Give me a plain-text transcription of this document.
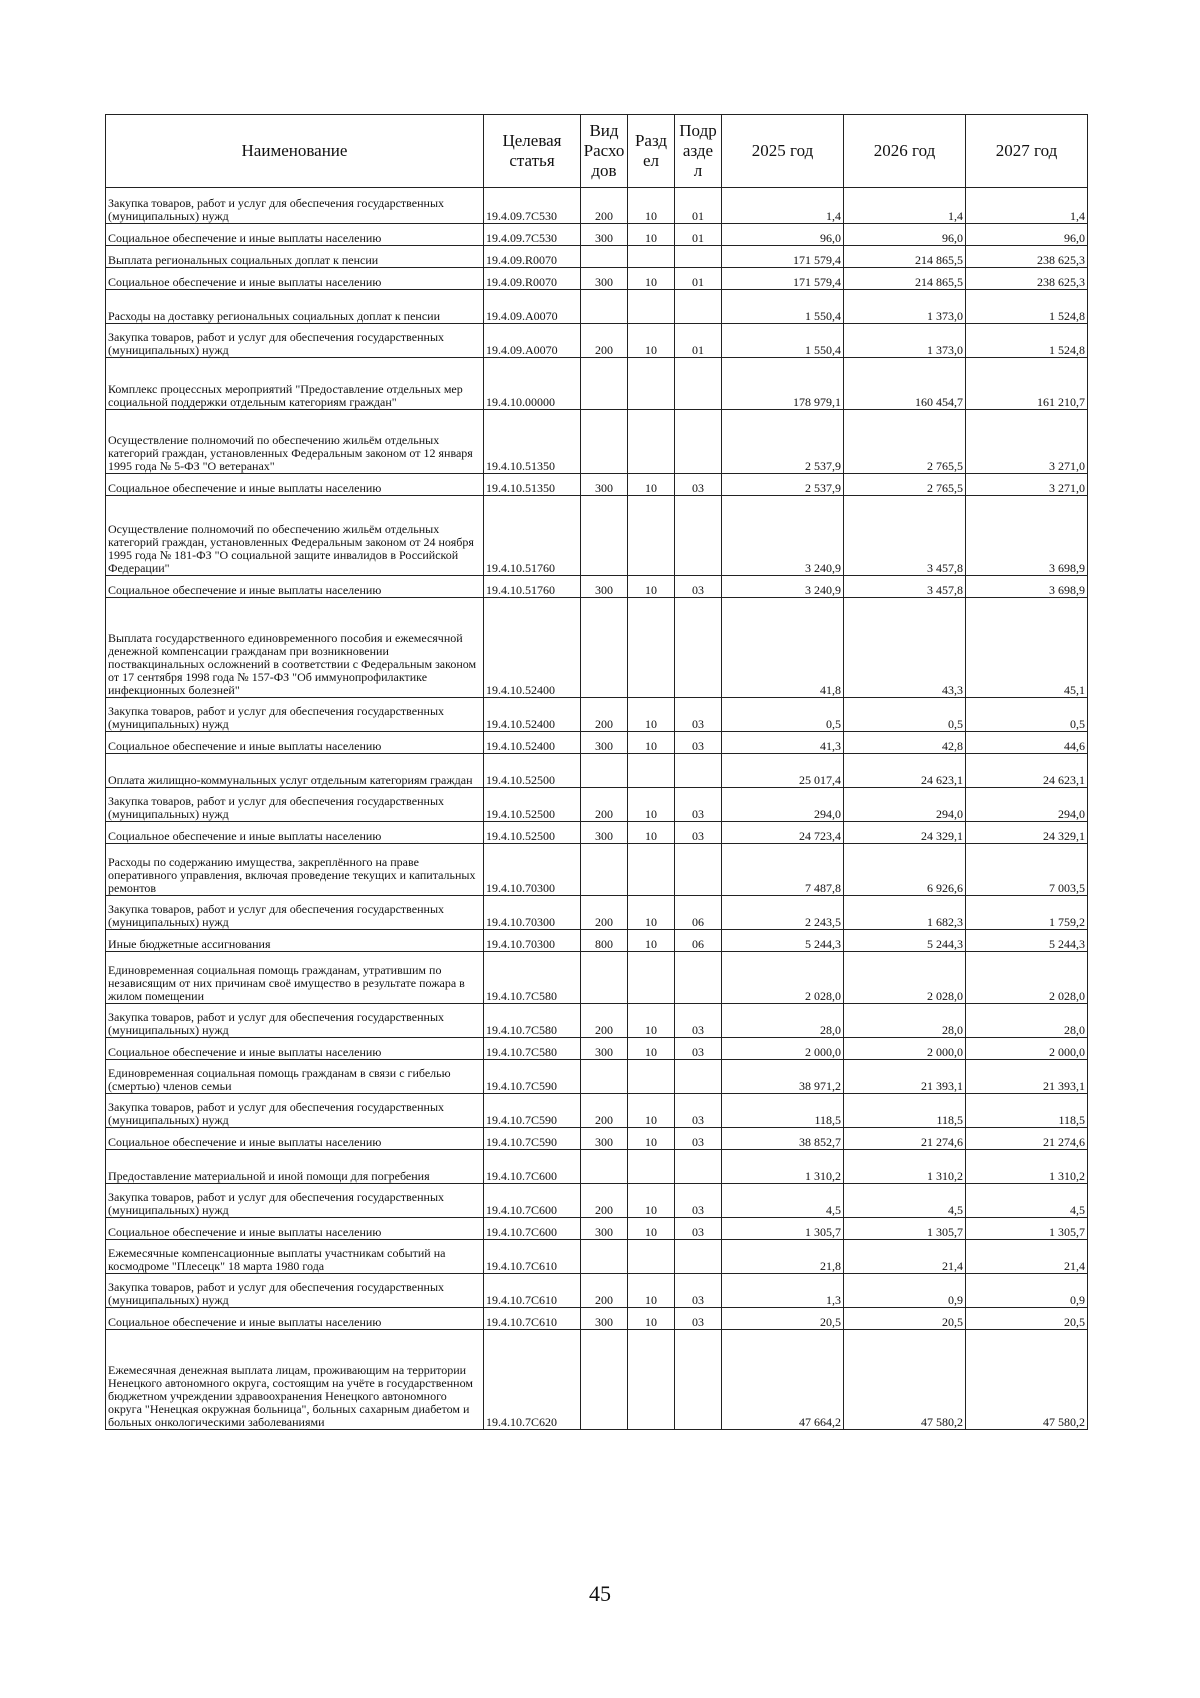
Наименование	Целевая статья	Вид Расхо дов	Разд ел	Подр азде л	2025 год	2026 год	2027 год
Закупка товаров, работ и услуг для обеспечения государственных (муниципальных) нужд	19.4.09.7С530	200	10	01	1,4	1,4	1,4
Социальное обеспечение и иные выплаты населению	19.4.09.7С530	300	10	01	96,0	96,0	96,0
Выплата региональных социальных доплат к пенсии	19.4.09.R0070				171 579,4	214 865,5	238 625,3
Социальное обеспечение и иные выплаты населению	19.4.09.R0070	300	10	01	171 579,4	214 865,5	238 625,3
Расходы на доставку региональных социальных доплат к пенсии	19.4.09.А0070				1 550,4	1 373,0	1 524,8
Закупка товаров, работ и услуг для обеспечения государственных (муниципальных) нужд	19.4.09.А0070	200	10	01	1 550,4	1 373,0	1 524,8
Комплекс процессных мероприятий "Предоставление отдельных мер социальной поддержки отдельным категориям граждан"	19.4.10.00000				178 979,1	160 454,7	161 210,7
Осуществление полномочий по обеспечению жильём отдельных категорий граждан, установленных Федеральным законом от 12 января 1995 года № 5-ФЗ "О ветеранах"	19.4.10.51350				2 537,9	2 765,5	3 271,0
Социальное обеспечение и иные выплаты населению	19.4.10.51350	300	10	03	2 537,9	2 765,5	3 271,0
Осуществление полномочий по обеспечению жильём отдельных категорий граждан, установленных Федеральным законом от 24 ноября 1995 года № 181-ФЗ "О социальной защите инвалидов в Российской Федерации"	19.4.10.51760				3 240,9	3 457,8	3 698,9
Социальное обеспечение и иные выплаты населению	19.4.10.51760	300	10	03	3 240,9	3 457,8	3 698,9
Выплата государственного единовременного пособия и ежемесячной денежной компенсации гражданам при возникновении поствакцинальных осложнений в соответствии с Федеральным законом от 17 сентября 1998 года № 157-ФЗ "Об иммунопрофилактике инфекционных болезней"	19.4.10.52400				41,8	43,3	45,1
Закупка товаров, работ и услуг для обеспечения государственных (муниципальных) нужд	19.4.10.52400	200	10	03	0,5	0,5	0,5
Социальное обеспечение и иные выплаты населению	19.4.10.52400	300	10	03	41,3	42,8	44,6
Оплата жилищно-коммунальных услуг отдельным категориям граждан	19.4.10.52500				25 017,4	24 623,1	24 623,1
Закупка товаров, работ и услуг для обеспечения государственных (муниципальных) нужд	19.4.10.52500	200	10	03	294,0	294,0	294,0
Социальное обеспечение и иные выплаты населению	19.4.10.52500	300	10	03	24 723,4	24 329,1	24 329,1
Расходы по содержанию имущества, закреплённого на праве оперативного управления, включая проведение текущих и капитальных ремонтов	19.4.10.70300				7 487,8	6 926,6	7 003,5
Закупка товаров, работ и услуг для обеспечения государственных (муниципальных) нужд	19.4.10.70300	200	10	06	2 243,5	1 682,3	1 759,2
Иные бюджетные ассигнования	19.4.10.70300	800	10	06	5 244,3	5 244,3	5 244,3
Единовременная социальная помощь гражданам, утратившим по независящим от них причинам своё имущество в результате пожара в жилом помещении	19.4.10.7С580				2 028,0	2 028,0	2 028,0
Закупка товаров, работ и услуг для обеспечения государственных (муниципальных) нужд	19.4.10.7С580	200	10	03	28,0	28,0	28,0
Социальное обеспечение и иные выплаты населению	19.4.10.7С580	300	10	03	2 000,0	2 000,0	2 000,0
Единовременная социальная помощь гражданам в связи с гибелью (смертью) членов семьи	19.4.10.7С590				38 971,2	21 393,1	21 393,1
Закупка товаров, работ и услуг для обеспечения государственных (муниципальных) нужд	19.4.10.7С590	200	10	03	118,5	118,5	118,5
Социальное обеспечение и иные выплаты населению	19.4.10.7С590	300	10	03	38 852,7	21 274,6	21 274,6
Предоставление материальной и иной помощи для погребения	19.4.10.7С600				1 310,2	1 310,2	1 310,2
Закупка товаров, работ и услуг для обеспечения государственных (муниципальных) нужд	19.4.10.7С600	200	10	03	4,5	4,5	4,5
Социальное обеспечение и иные выплаты населению	19.4.10.7С600	300	10	03	1 305,7	1 305,7	1 305,7
Ежемесячные компенсационные выплаты участникам событий на космодроме "Плесецк" 18 марта 1980 года	19.4.10.7С610				21,8	21,4	21,4
Закупка товаров, работ и услуг для обеспечения государственных (муниципальных) нужд	19.4.10.7С610	200	10	03	1,3	0,9	0,9
Социальное обеспечение и иные выплаты населению	19.4.10.7С610	300	10	03	20,5	20,5	20,5
Ежемесячная денежная выплата лицам, проживающим на территории Ненецкого автономного округа, состоящим на учёте в государственном бюджетном учреждении здравоохранения Ненецкого автономного округа "Ненецкая окружная больница", больных сахарным диабетом и больных онкологическими заболеваниями	19.4.10.7С620				47 664,2	47 580,2	47 580,2
45
